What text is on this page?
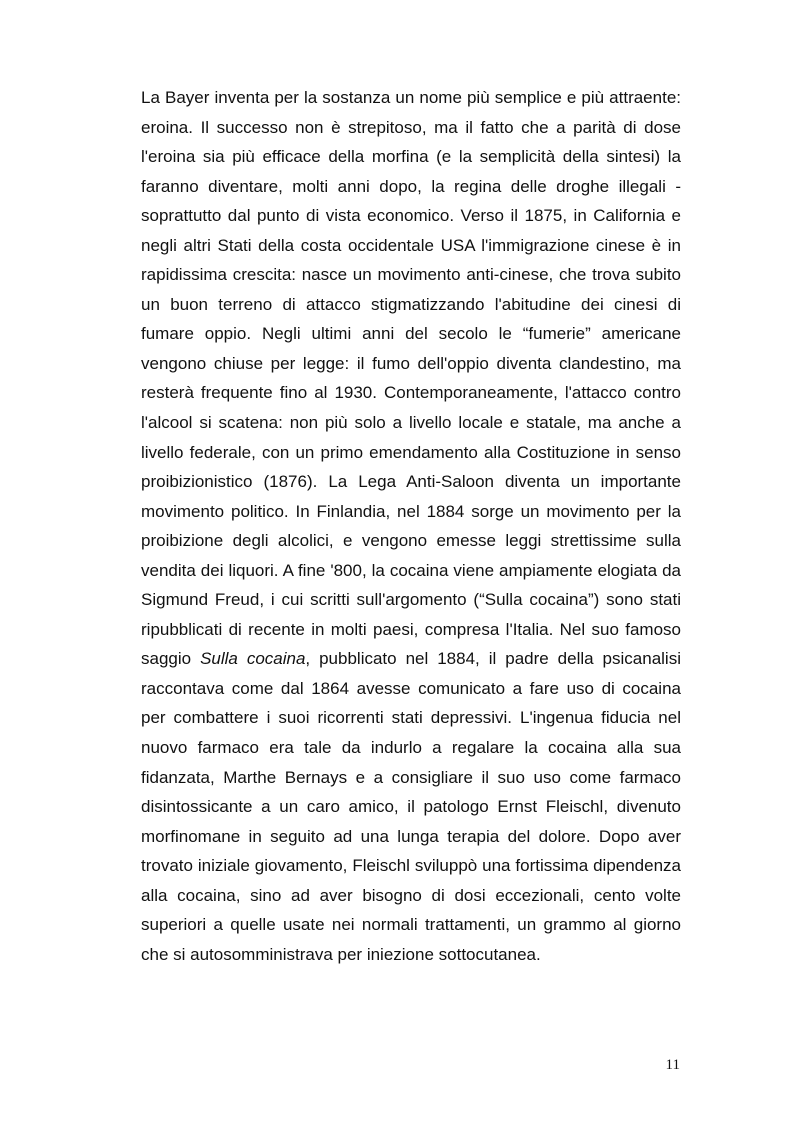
La Bayer inventa per la sostanza un nome più semplice e più attraente: eroina. Il successo non è strepitoso, ma il fatto che a parità di dose l'eroina sia più efficace della morfina (e la semplicità della sintesi) la faranno diventare, molti anni dopo, la regina delle droghe illegali - soprattutto dal punto di vista economico. Verso il 1875, in California e negli altri Stati della costa occidentale USA l'immigrazione cinese è in rapidissima crescita: nasce un movimento anti-cinese, che trova subito un buon terreno di attacco stigmatizzando l'abitudine dei cinesi di fumare oppio. Negli ultimi anni del secolo le “fumerie” americane vengono chiuse per legge: il fumo dell'oppio diventa clandestino, ma resterà frequente fino al 1930. Contemporaneamente, l'attacco contro l'alcool si scatena: non più solo a livello locale e statale, ma anche a livello federale, con un primo emendamento alla Costituzione in senso proibizionistico (1876). La Lega Anti-Saloon diventa un importante movimento politico. In Finlandia, nel 1884 sorge un movimento per la proibizione degli alcolici, e vengono emesse leggi strettissime sulla vendita dei liquori. A fine '800, la cocaina viene ampiamente elogiata da Sigmund Freud, i cui scritti sull'argomento (“Sulla cocaina”) sono stati ripubblicati di recente in molti paesi, compresa l'Italia. Nel suo famoso saggio Sulla cocaina, pubblicato nel 1884, il padre della psicanalisi raccontava come dal 1864 avesse comunicato a fare uso di cocaina per combattere i suoi ricorrenti stati depressivi. L'ingenua fiducia nel nuovo farmaco era tale da indurlo a regalare la cocaina alla sua fidanzata, Marthe Bernays e a consigliare il suo uso come farmaco disintossicante a un caro amico, il patologo Ernst Fleischl, divenuto morfinomane in seguito ad una lunga terapia del dolore. Dopo aver trovato iniziale giovamento, Fleischl sviluppò una fortissima dipendenza alla cocaina, sino ad aver bisogno di dosi eccezionali, cento volte superiori a quelle usate nei normali trattamenti, un grammo al giorno che si autosomministrava per iniezione sottocutanea.

11
